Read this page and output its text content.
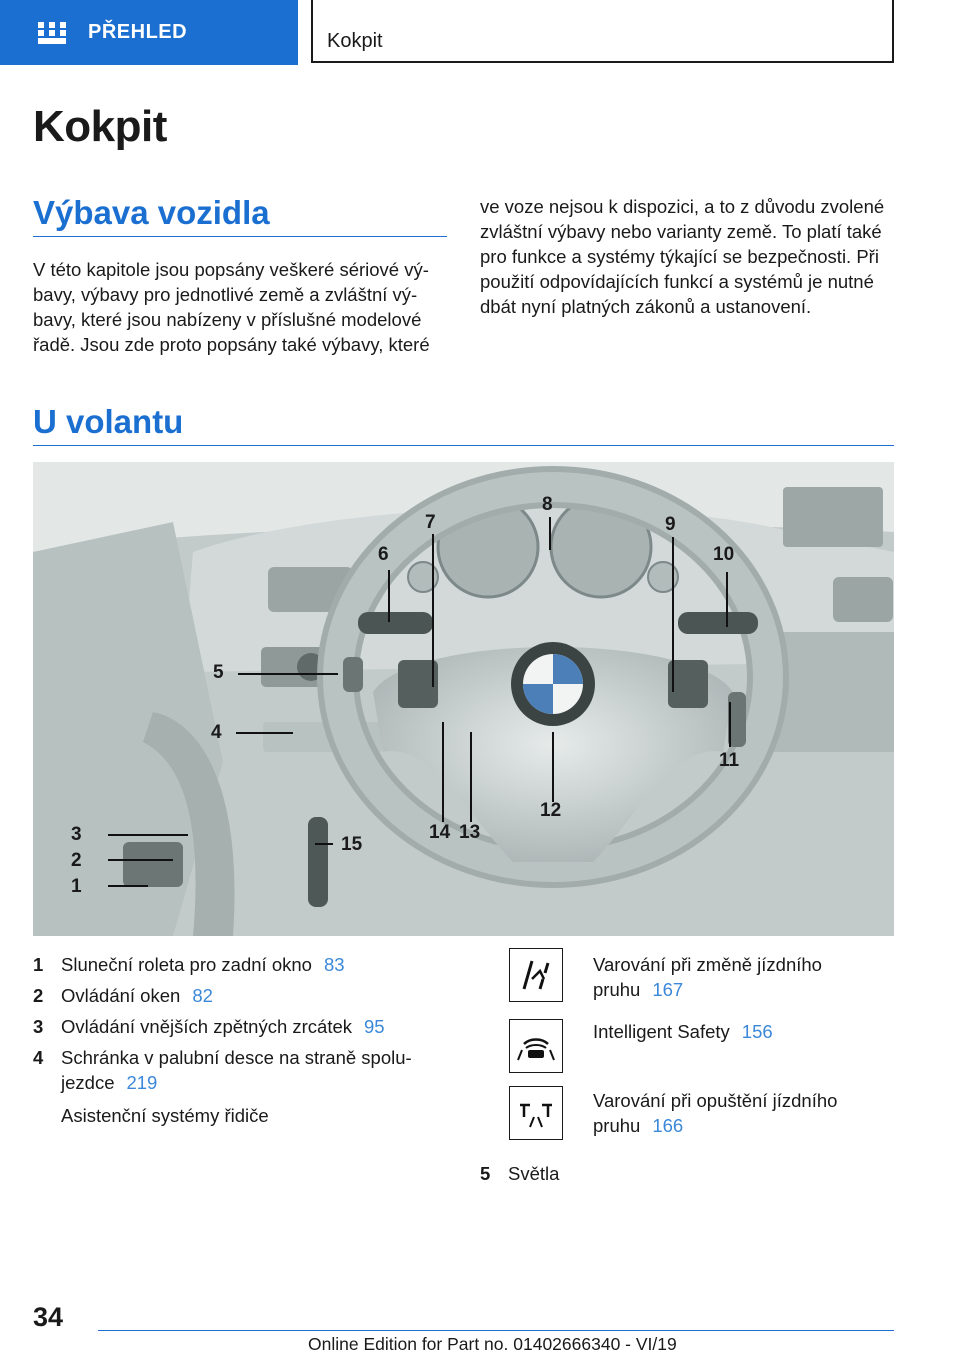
PŘEHLED	Kokpit
Kokpit
Výbava vozidla
V této kapitole jsou popsány veškeré sériové vý‐
bavy, výbavy pro jednotlivé země a zvláštní vý‐
bavy, které jsou nabízeny v příslušné modelové
řadě. Jsou zde proto popsány také výbavy, které
ve voze nejsou k dispozici, a to z důvodu zvolené
zvláštní výbavy nebo varianty země. To platí také
pro funkce a systémy týkající se bezpečnosti. Při
použití odpovídajících funkcí a systémů je nutné
dbát nyní platných zákonů a ustanovení.
U volantu
1
2
3
4
5
6
7
8
9
10
11
12
13
14
15
1 Sluneční roleta pro zadní okno 83
2 Ovládání oken 82
3 Ovládání vnějších zpětných zrcátek 95
4 Schránka v palubní desce na straně spolu‐
jezdce 219
Asistenční systémy řidiče
Varování při změně jízdního
pruhu 167
Intelligent Safety 156
Varování při opuštění jízdního
pruhu 166
5 Světla
34
Online Edition for Part no. 01402666340 - VI/19
